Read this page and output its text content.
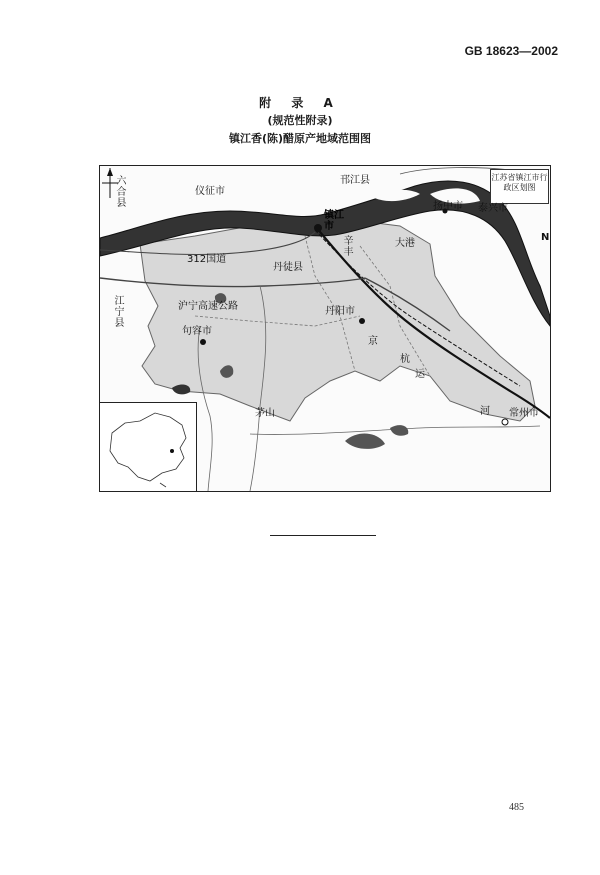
GB 18623—2002
附 录 A
(规范性附录)
镇江香(陈)醋原产地域范围图
江苏省镇江市行政区划图
N
六合县
仪征市
邗江县
扬中市 泰兴市
镇江市
大港
312国道
丹徒县
辛丰
江宁县
沪宁高速公路
句容市
丹阳市
京
杭
运
河
茅山	常州市
485
